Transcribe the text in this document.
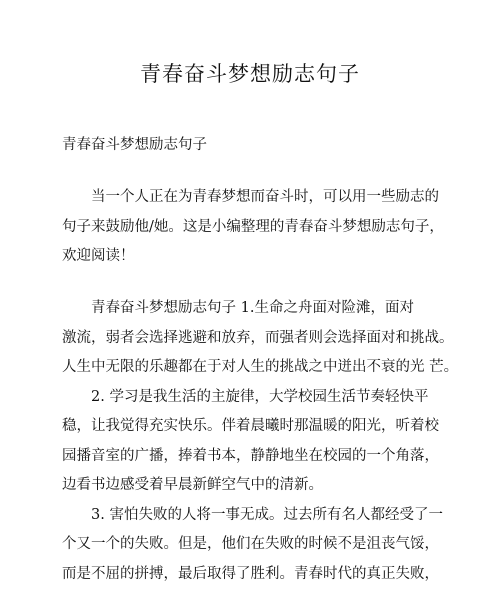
青春奋斗梦想励志句子
青春奋斗梦想励志句子
当一个人正在为青春梦想而奋斗时，可以用一些励志的
句子来鼓励他/她。这是小编整理的青春奋斗梦想励志句子，
欢迎阅读！
青春奋斗梦想励志句子 1.生命之舟面对险滩，面对
激流，弱者会选择逃避和放弃，而强者则会选择面对和挑战。
人生中无限的乐趣都在于对人生的挑战之中迸出不衰的光 芒。
2. 学习是我生活的主旋律，大学校园生活节奏轻快平
稳，让我觉得充实快乐。伴着晨曦时那温暖的阳光，听着校
园播音室的广播，捧着书本，静静地坐在校园的一个角落，
边看书边感受着早晨新鲜空气中的清新。
3. 害怕失败的人将一事无成。过去所有名人都经受了一
个又一个的失败。但是，他们在失败的时候不是沮丧气馁，
而是不屈的拼搏，最后取得了胜利。青春时代的真正失败，
